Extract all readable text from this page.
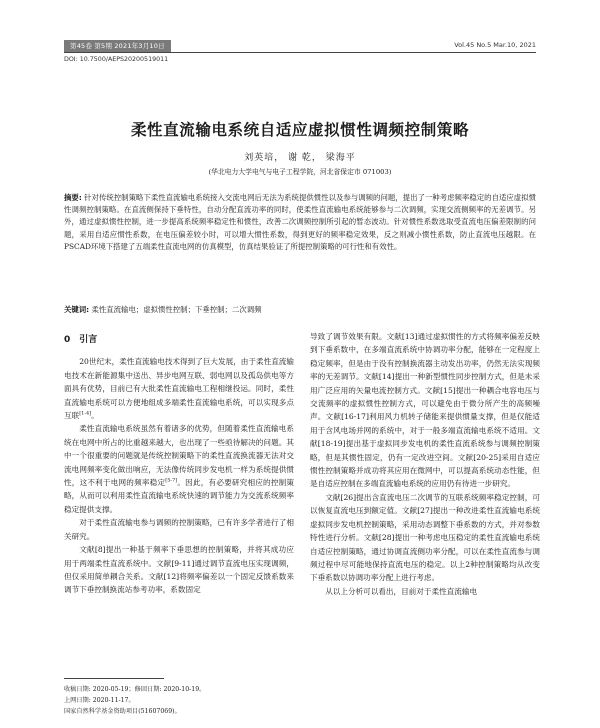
第45卷 第5期 2021年3月10日	Vol.45 No.5 Mar.10, 2021
DOI: 10.7500/AEPS20200519011
柔性直流输电系统自适应虚拟惯性调频控制策略
刘英培， 谢 乾， 梁海平
(华北电力大学电气与电子工程学院，河北省保定市 071003)
摘要: 针对传统控制策略下柔性直流输电系统接入交流电网后无法为系统提供惯性以及参与调频的问题，提出了一种考虑频率稳定的自适应虚拟惯性调频控制策略。在直流侧保持下垂特性，自动分配直流功率的同时，使柔性直流输电系统能够参与二次调频，实现交流侧频率的无差调节。另外，通过虚拟惯性控制，进一步提高系统频率稳定性和惯性，改善二次调频控制所引起的暂态波动。针对惯性系数选取受直流电压偏差限制的问题，采用自适应惯性系数，在电压偏差较小时，可以增大惯性系数，得到更好的频率稳定效果，反之则减小惯性系数，防止直流电压越限。在PSCAD环境下搭建了五端柔性直流电网的仿真模型，仿真结果验证了所提控制策略的可行性和有效性。
关键词: 柔性直流输电；虚拟惯性控制；下垂控制；二次调频
0　引言

20世纪末，柔性直流输电技术得到了巨大发展，由于柔性直流输电技术在新能源集中送出、异步电网互联、弱电网以及孤岛供电等方面具有优势，目前已有大批柔性直流输电工程相继投运。同时，柔性直流输电系统可以方便地组成多端柔性直流输电系统，可以实现多点互联[1-4]。

柔性直流输电系统虽然有着诸多的优势，但随着柔性直流输电系统在电网中所占的比重越来越大，也出现了一些亟待解决的问题。其中一个很重要的问题就是传统控制策略下的柔性直流换流器无法对交流电网频率变化做出响应，无法像传统同步发电机一样为系统提供惯性，这不利于电网的频率稳定[5-7]。因此，有必要研究相应的控制策略，从而可以利用柔性直流输电系统快速的调节能力为交流系统频率稳定提供支撑。

对于柔性直流输电参与调频的控制策略，已有许多学者进行了相关研究。

文献[8]提出一种基于频率下垂思想的控制策略，并将其成功应用于两端柔性直流系统中。文献[9-11]通过调节直流电压实现调频，但仅采用简单耦合关系。文献[12]将频率偏差以一个固定反馈系数来调节下垂控制换流站参考功率，系数固定

导致了调节效果有限。文献[13]通过虚拟惯性的方式将频率偏差反映到下垂系数中，在多端直流系统中协调功率分配，能够在一定程度上稳定频率，但是由于没有控制换流器主动发出功率，仍然无法实现频率的无差调节。文献[14]提出一种新型惯性同步控制方式，但是未采用广泛应用的矢量电流控制方式。文献[15]提出一种耦合电容电压与交流频率的虚拟惯性控制方式，可以避免由于微分所产生的高频噪声。文献[16-17]利用风力机转子储能来提供惯量支撑，但是仅能适用于含风电场并网的系统中，对于一般多端直流输电系统不适用。文献[18-19]提出基于虚拟同步发电机的柔性直流系统参与调频控制策略，但是其惯性固定，仍有一定改进空间。文献[20-25]采用自适应惯性控制策略并成功将其应用在微网中，可以提高系统动态性能，但是自适应控制在多端直流输电系统的应用仍有待进一步研究。

文献[26]提出含直流电压二次调节的互联系统频率稳定控制，可以恢复直流电压到额定值。文献[27]提出一种改进柔性直流输电系统虚拟同步发电机控制策略，采用动态调整下垂系数的方式，并对参数特性进行分析。文献[28]提出一种考虑电压稳定的柔性直流输电系统自适应控制策略，通过协调直流侧功率分配，可以在柔性直流参与调频过程中尽可能地保持直流电压的稳定。以上2种控制策略均从改变下垂系数以协调功率分配上进行考虑。

从以上分析可以看出，目前对于柔性直流输电

收稿日期: 2020-05-19；修回日期: 2020-10-19。
上网日期: 2020-11-17。
国家自然科学基金资助项目(51607069)。
